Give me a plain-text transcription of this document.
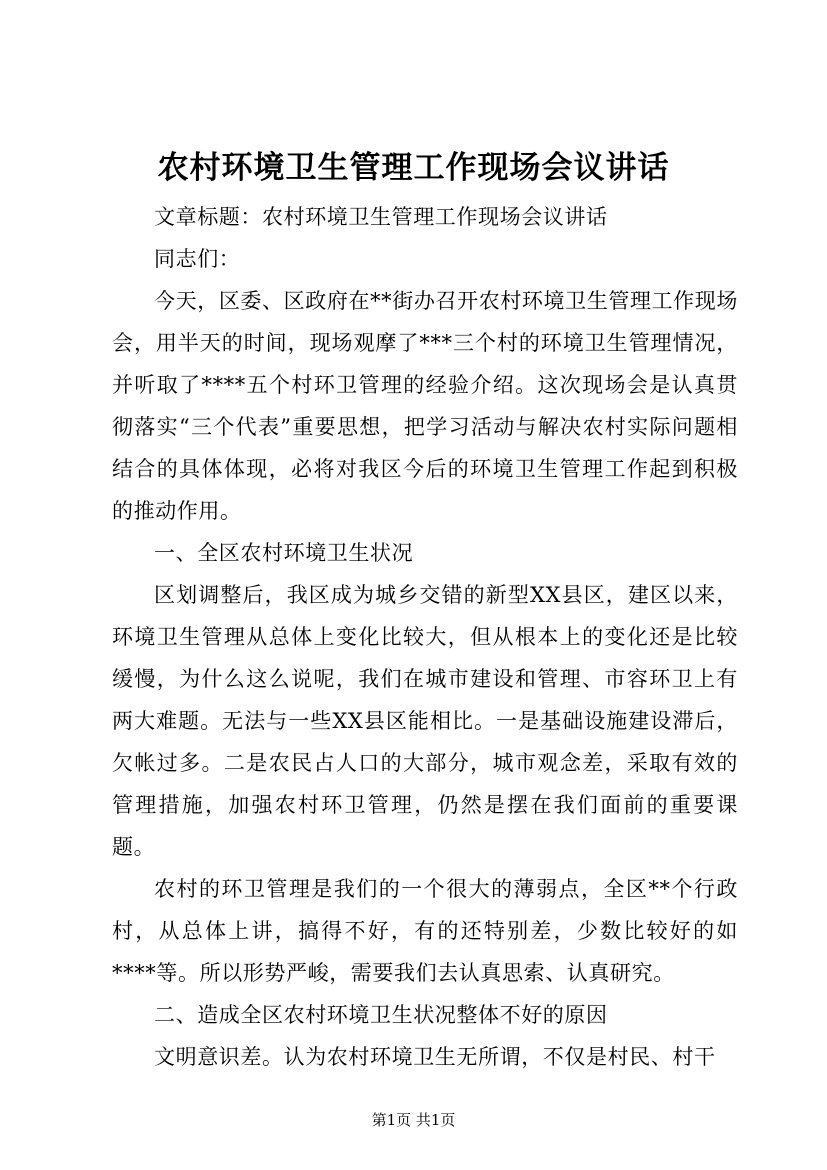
农村环境卫生管理工作现场会议讲话

文章标题：农村环境卫生管理工作现场会议讲话

同志们：

今天，区委、区政府在**街办召开农村环境卫生管理工作现场会，用半天的时间，现场观摩了***三个村的环境卫生管理情况，并听取了****五个村环卫管理的经验介绍。这次现场会是认真贯彻落实“三个代表”重要思想，把学习活动与解决农村实际问题相结合的具体体现，必将对我区今后的环境卫生管理工作起到积极的推动作用。

一、全区农村环境卫生状况

区划调整后，我区成为城乡交错的新型XX县区，建区以来，环境卫生管理从总体上变化比较大，但从根本上的变化还是比较缓慢，为什么这么说呢，我们在城市建设和管理、市容环卫上有两大难题。无法与一些XX县区能相比。一是基础设施建设滞后，欠帐过多。二是农民占人口的大部分，城市观念差，采取有效的管理措施，加强农村环卫管理，仍然是摆在我们面前的重要课题。

农村的环卫管理是我们的一个很大的薄弱点，全区**个行政村，从总体上讲，搞得不好，有的还特别差，少数比较好的如****等。所以形势严峻，需要我们去认真思索、认真研究。

二、造成全区农村环境卫生状况整体不好的原因

文明意识差。认为农村环境卫生无所谓，不仅是村民、村干

第1页 共1页
